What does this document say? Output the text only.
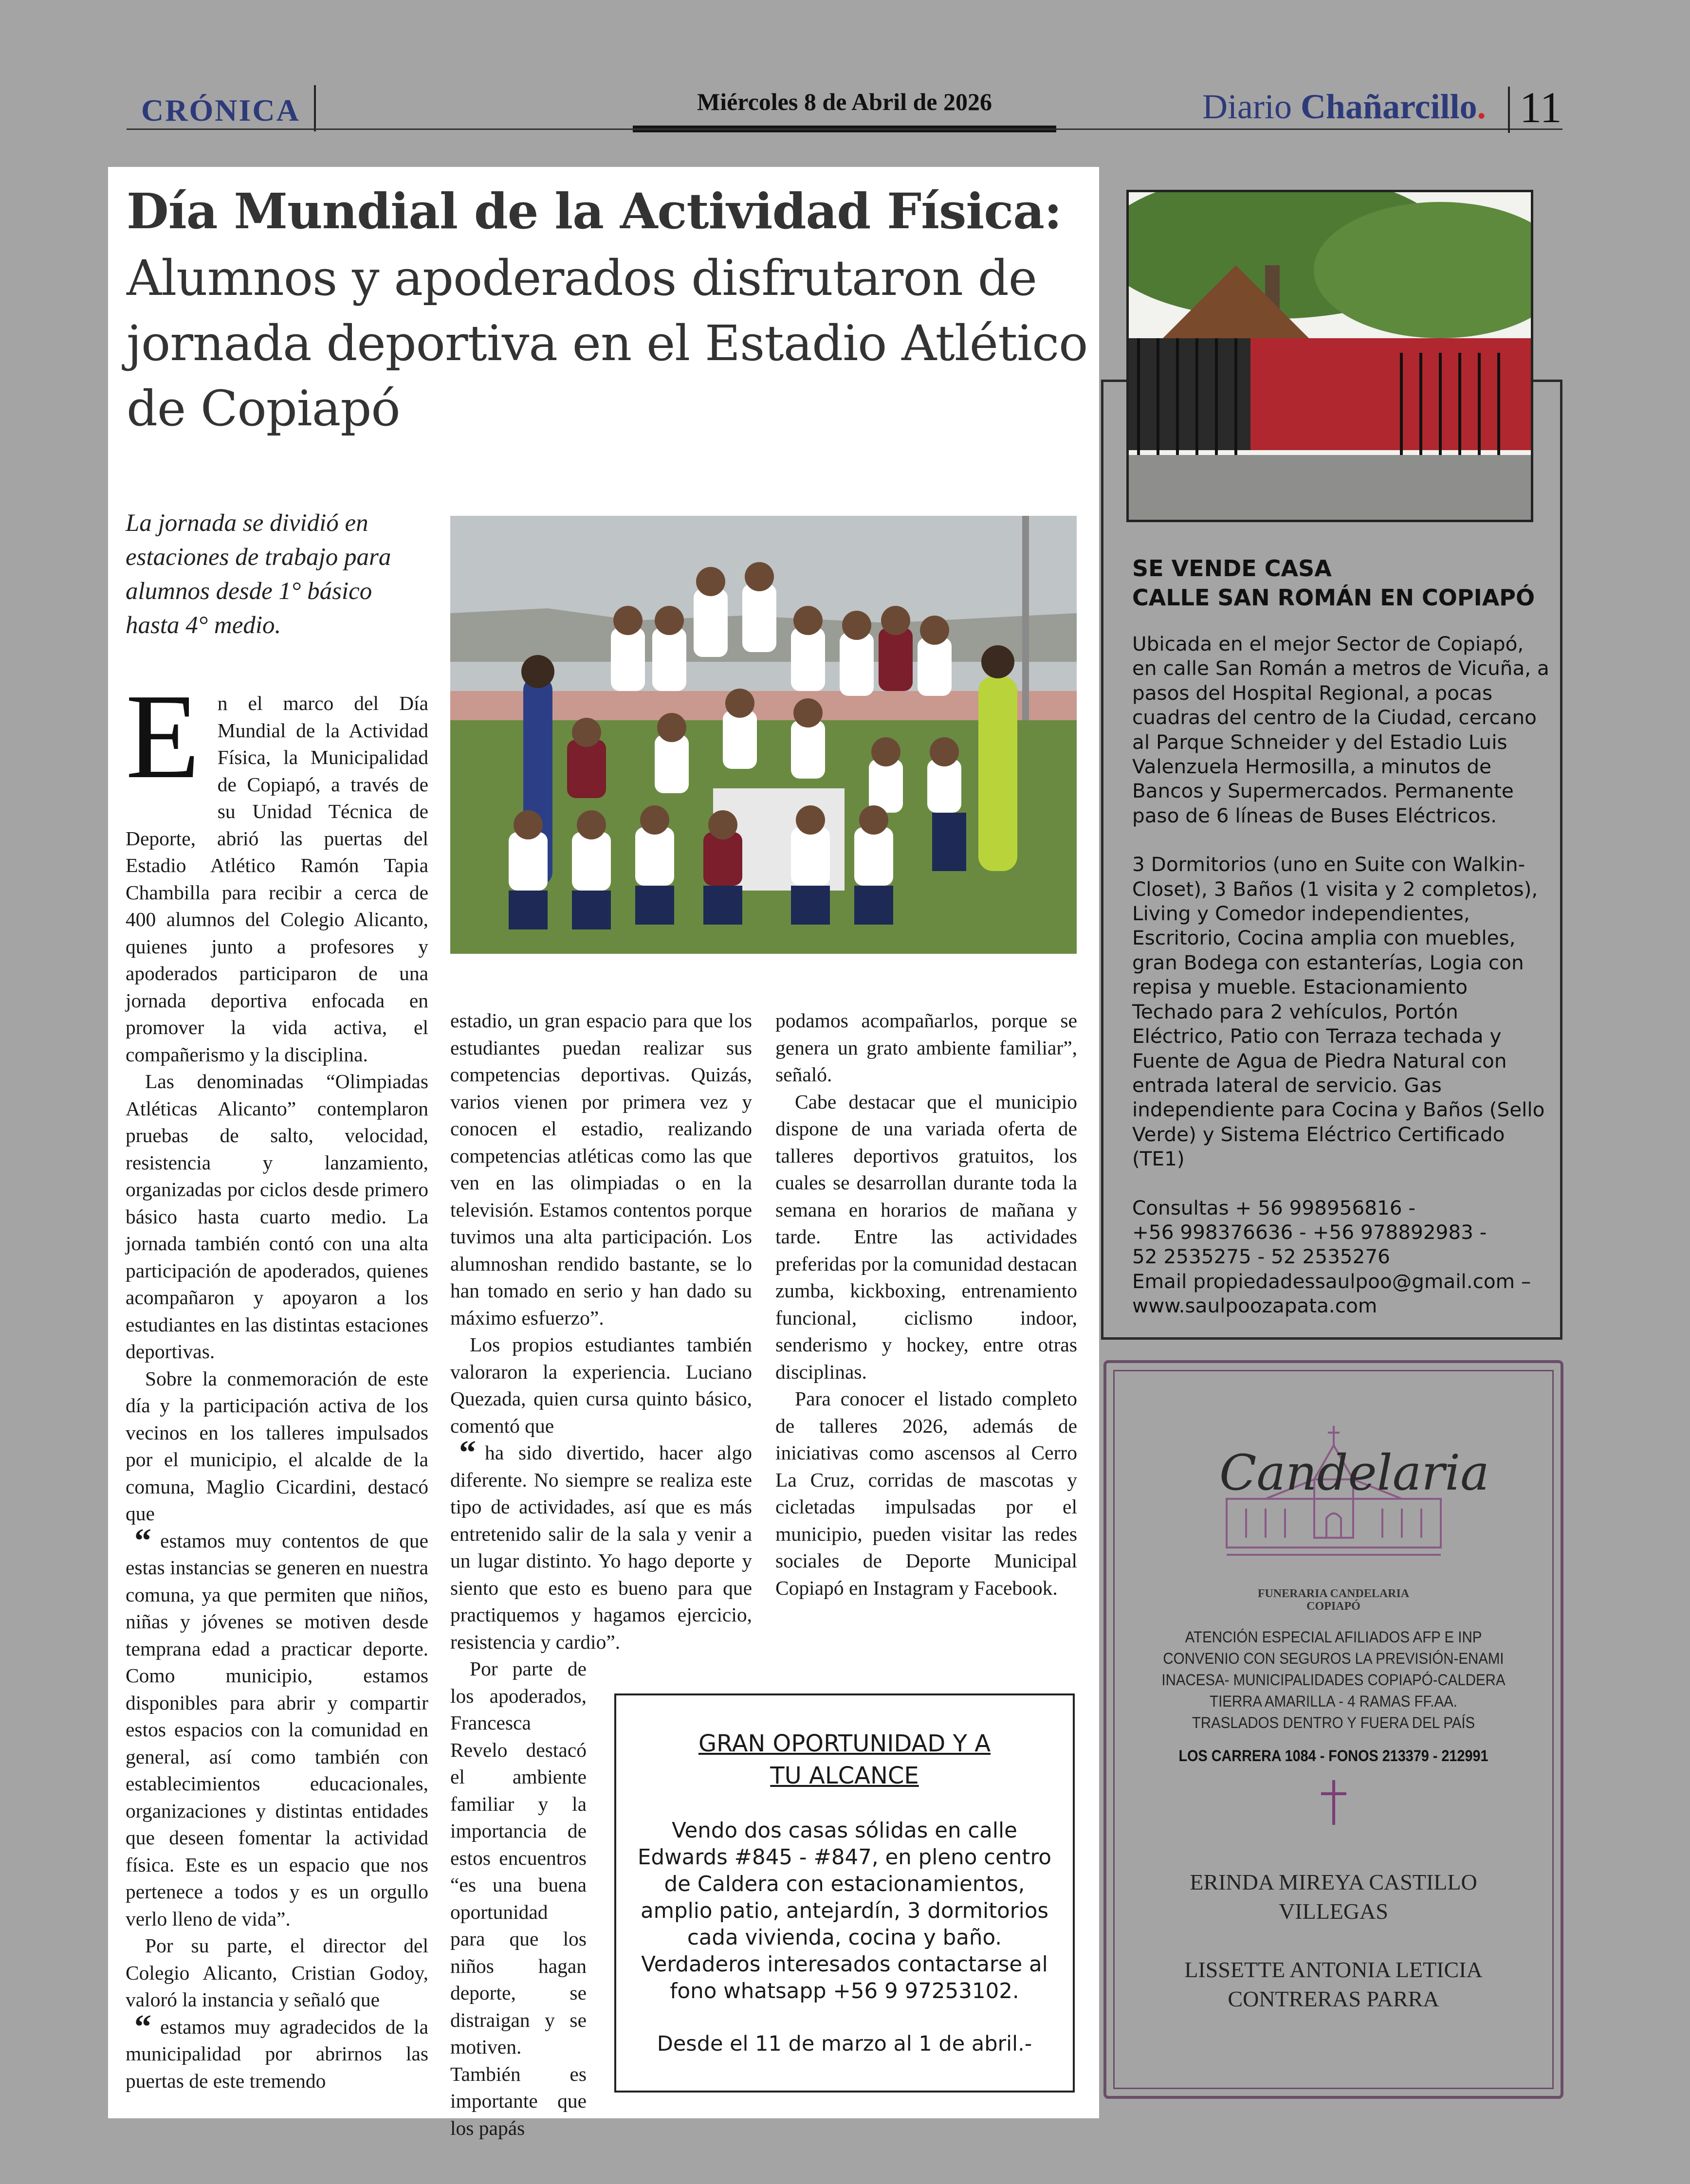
CRÓNICA	Miércoles 8 de Abril de 2026	Diario Chañarcillo. 11
Día Mundial de la Actividad Física:
Alumnos y apoderados disfrutaron de jornada deportiva en el Estadio Atlético de Copiapó
La jornada se dividió en estaciones de trabajo para alumnos desde 1° básico hasta 4° medio.

E n el marco del Día Mundial de la Actividad Física, la Municipalidad de Copiapó, a través de su Unidad Técnica de Deporte, abrió las puertas del Estadio Atlético Ramón Tapia Chambilla para recibir a cerca de 400 alumnos del Colegio Alicanto, quienes junto a profesores y apoderados participaron de una jornada deportiva enfocada en promover la vida activa, el compañerismo y la disciplina.

Las denominadas “Olimpiadas Atléticas Alicanto” contemplaron pruebas de salto, velocidad, resistencia y lanzamiento, organizadas por ciclos desde primero básico hasta cuarto medio. La jornada también contó con una alta participación de apoderados, quienes acompañaron y apoyaron a los estudiantes en las distintas estaciones deportivas.

Sobre la conmemoración de este día y la participación activa de los vecinos en los talleres impulsados por el municipio, el alcalde de la comuna, Maglio Cicardini, destacó que

“ estamos muy contentos de que estas instancias se generen en nuestra comuna, ya que permiten que niños, niñas y jóvenes se motiven desde temprana edad a practicar deporte. Como municipio, estamos disponibles para abrir y compartir estos espacios con la comunidad en general, así como también con establecimientos educacionales, organizaciones y distintas entidades que deseen fomentar la actividad física. Este es un espacio que nos pertenece a todos y es un orgullo verlo lleno de vida”.

Por su parte, el director del Colegio Alicanto, Cristian Godoy, valoró la instancia y señaló que

“ estamos muy agradecidos de la municipalidad por abrirnos las puertas de este tremendo

estadio, un gran espacio para que los estudiantes puedan realizar sus competencias deportivas. Quizás, varios vienen por primera vez y conocen el estadio, realizando competencias atléticas como las que ven en las olimpiadas o en la televisión. Estamos contentos porque tuvimos una alta participación. Los alumnoshan rendido bastante, se lo han tomado en serio y han dado su máximo esfuerzo”.

Los propios estudiantes también valoraron la experiencia. Luciano Quezada, quien cursa quinto básico, comentó que

“ ha sido divertido, hacer algo diferente. No siempre se realiza este tipo de actividades, así que es más entretenido salir de la sala y venir a un lugar distinto. Yo hago deporte y siento que esto es bueno para que practiquemos y hagamos ejercicio, resistencia y cardio”.

Por parte de los apoderados, Francesca Revelo destacó el ambiente familiar y la importancia de estos encuentros “es una buena oportunidad para que los niños hagan deporte, se distraigan y se motiven. También es importante que los papás

podamos acompañarlos, porque se genera un grato ambiente familiar”, señaló.

Cabe destacar que el municipio dispone de una variada oferta de talleres deportivos gratuitos, los cuales se desarrollan durante toda la semana en horarios de mañana y tarde. Entre las actividades preferidas por la comunidad destacan zumba, kickboxing, entrenamiento funcional, ciclismo indoor, senderismo y hockey, entre otras disciplinas.

Para conocer el listado completo de talleres 2026, además de iniciativas como ascensos al Cerro La Cruz, corridas de mascotas y cicletadas impulsadas por el municipio, pueden visitar las redes sociales de Deporte Municipal Copiapó en Instagram y Facebook.

GRAN OPORTUNIDAD Y A
TU ALCANCE
Vendo dos casas sólidas en calle Edwards #845 - #847, en pleno centro de Caldera con estacionamientos, amplio patio, antejardín, 3 dormitorios cada vivienda, cocina y baño. Verdaderos interesados contactarse al fono whatsapp +56 9 97253102.
Desde el 11 de marzo al 1 de abril.-
SE VENDE CASA
CALLE SAN ROMÁN EN COPIAPÓ

Ubicada en el mejor Sector de Copiapó, en calle San Román a metros de Vicuña, a pasos del Hospital Regional, a pocas cuadras del centro de la Ciudad, cercano al Parque Schneider y del Estadio Luis Valenzuela Hermosilla, a minutos de Bancos y Supermercados. Permanente paso de 6 líneas de Buses Eléctricos.

3 Dormitorios (uno en Suite con Walkin-Closet), 3 Baños (1 visita y 2 completos), Living y Comedor independientes, Escritorio, Cocina amplia con muebles, gran Bodega con estanterías, Logia con repisa y mueble. Estacionamiento Techado para 2 vehículos, Portón Eléctrico, Patio con Terraza techada y Fuente de Agua de Piedra Natural con entrada lateral de servicio. Gas independiente para Cocina y Baños (Sello Verde) y Sistema Eléctrico Certificado (TE1)

Consultas + 56 998956816 -
+56 998376636 - +56 978892983 -
52 2535275 - 52 2535276
Email propiedadessaulpoo@gmail.com –
www.saulpoozapata.com
Candelaria
FUNERARIA CANDELARIA
COPIAPÓ
ATENCIÓN ESPECIAL AFILIADOS AFP E INP
CONVENIO CON SEGUROS LA PREVISIÓN-ENAMI
INACESA- MUNICIPALIDADES COPIAPÓ-CALDERA
TIERRA AMARILLA - 4 RAMAS FF.AA.
TRASLADOS DENTRO Y FUERA DEL PAÍS
LOS CARRERA 1084 - FONOS 213379 - 212991
ERINDA MIREYA CASTILLO
VILLEGAS
LISSETTE ANTONIA LETICIA
CONTRERAS PARRA
